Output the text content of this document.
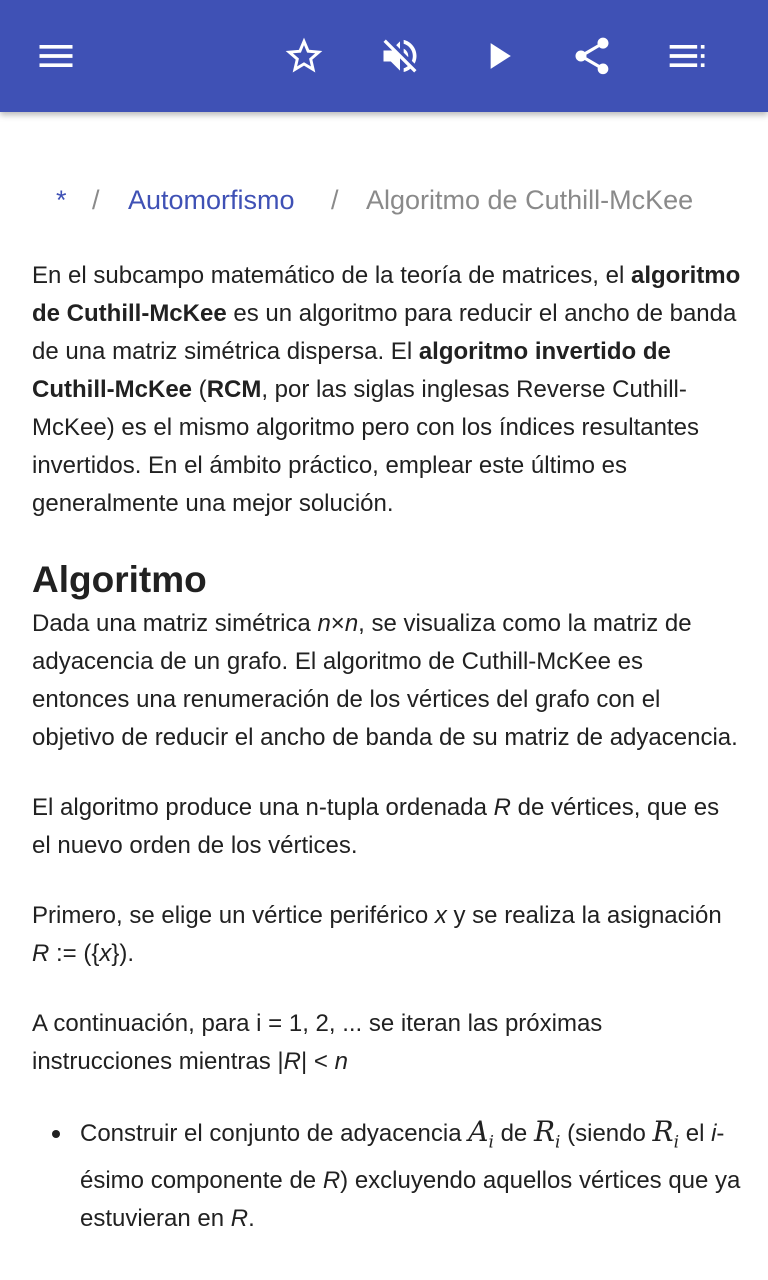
* / Automorfismo / Algoritmo de Cuthill-McKee

En el subcampo matemático de la teoría de matrices, el algoritmo de Cuthill-McKee es un algoritmo para reducir el ancho de banda de una matriz simétrica dispersa. El algoritmo invertido de Cuthill-McKee (RCM, por las siglas inglesas Reverse Cuthill-McKee) es el mismo algoritmo pero con los índices resultantes invertidos. En el ámbito práctico, emplear este último es generalmente una mejor solución.

Algoritmo

Dada una matriz simétrica n×n, se visualiza como la matriz de adyacencia de un grafo. El algoritmo de Cuthill-McKee es entonces una renumeración de los vértices del grafo con el objetivo de reducir el ancho de banda de su matriz de adyacencia.

El algoritmo produce una n-tupla ordenada R de vértices, que es el nuevo orden de los vértices.

Primero, se elige un vértice periférico x y se realiza la asignación R := ({x}).

A continuación, para i = 1, 2, ... se iteran las próximas instrucciones mientras |R| < n

Construir el conjunto de adyacencia $A_i$ de $R_i$ (siendo $R_i$ el i-ésimo componente de R) excluyendo aquellos vértices que ya estuvieran en R.
